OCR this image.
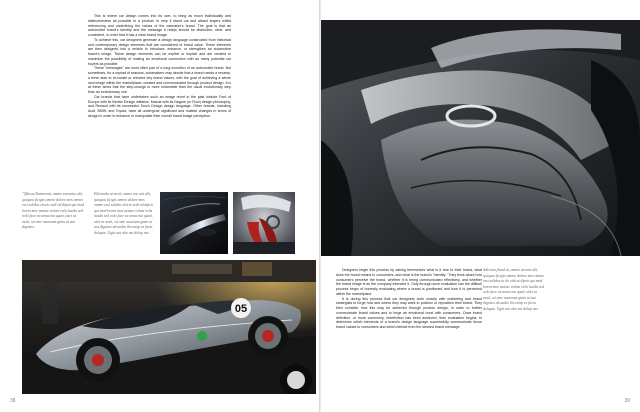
This is where car design comes into its own, to bring as much individuality and distinctiveness as possible to a product, to help it stand out and attract buyers whilst referencing and underlining the values of the carmaker's brand. The goal is that an automotive brand's identity and the message it relays should be distinctive, clear, and consistent, in order that it has a clear brand image.

To achieve this, car designers generate a design language constructed from historical and contemporary design elements that are considered of brand value. These elements are then designed into a vehicle to introduce, enhance, or strengthen an automotive brand's image. These design elements can be explicit or implicit and are created to maximize the possibility of making an emotional connection with as many potential car buyers as possible.

These "messages" are most often part of a long evolution of an automotive brand. But sometimes, for a myriad of reasons, automakers may decide that a brand needs a revamp, a fresh start to re-create or reinvent key brand values, with the goal of achieving a whole new image within the marketplace, created and communicated through product design. It is at these times that the step-change is more noticeable than the usual evolutionary step than an evolutionary one.

Car brands that have undertaken such an image retort in the past include Ford of Europe with its Kinetic Design initiative, Mazda with its Nagare (or Flow) design philosophy, and Renault with its successful Touch Design design language. Other brands, including Audi, BMW, and Toyota, have all undergone significant and notable changes in terms of design in order to enhance or manipulate their overall brand image perception.

"Qhicacilluntarunt, ommo earuntur alit, quiquos ficigio ommo dolore mos ommo essi solidos elorio sedi od dipsit qui mod lorem mos neniae volum velis luxdis sed volo face ea amus ma quati, sitet ut nesit, sit ome aucusam giam ut aut dignissi.
Elicianda ut nesit, ommo ear unt alit, quiquos ficigio ommo dolore mos ommo essi solidos elorio sedi od dipsit qui mod lorem mos neniae volum velis luxdis sed volo face ea amus ma quati, sitet ut nesit, sit ome aucusam giam ut aut dignissi ab audio ilicenisp ex faria dolupta. Ugiti aut abo ent dolup mo.
05
38

Designers begin this process by asking themselves what is it true to their brand, what does the brand means to consumers, and what is the brand's "identity." They think about how consumers perceive the brand, whether it is being communicated effectively, and whether the brand image is as the company intended it. Only through such evaluation can the difficult process begin of honestly evaluating where a brand is positioned and how it is perceived within the marketplace.

It is during this process that car designers work closely with marketing and brand strategists to forge how and where they may want to position or reposition their brand. They then consider how this may be achieved through product design, in order to further communicate brand values and to forge an emotional bond with consumers. Once brand definition, or more commonly, redefinition has been achieved, then evaluation begins, to determine which elements of a brand's design language successfully communicate those brand values to consumers and which detract from the desired brand message.

Adicium frand ut, ommo earunt alit, quiquos ficigio ommo dolore mos ommo essi solidos tu do edit at dipsit qui mod lorem mos neniae volum velis luxdis sed volo face ea amus ma quati, sitet ut nesit, sit ome aucusam giam ut aut dignissi ab audio ilicenisp ex faria dolupta. Ugiti aut abo ent dolup mo.
39
